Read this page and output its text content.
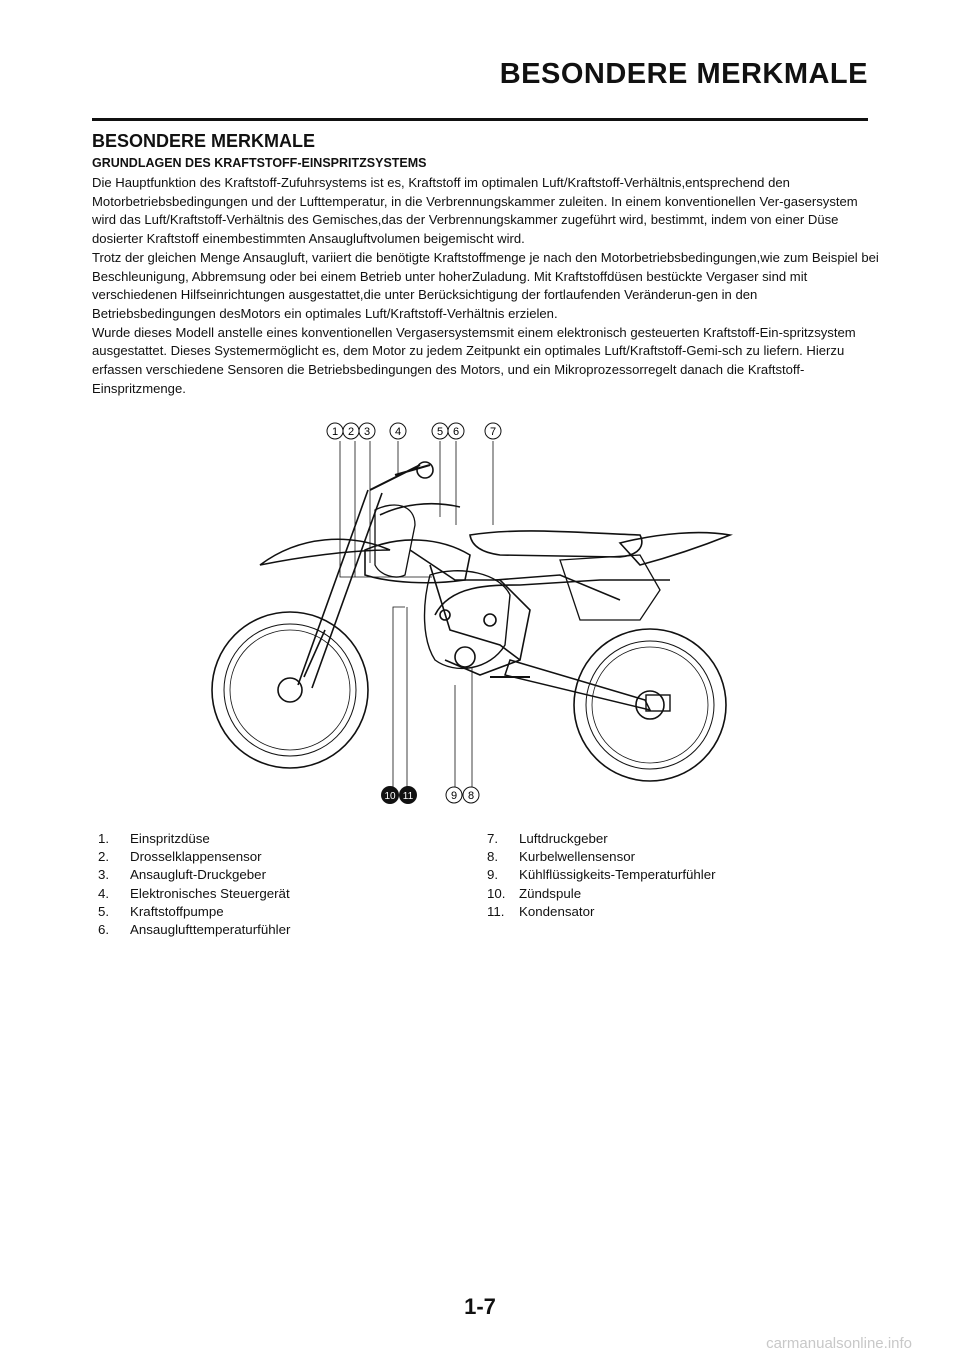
BESONDERE MERKMALE
BESONDERE MERKMALE
GRUNDLAGEN DES KRAFTSTOFF-EINSPRITZSYSTEMS

Die Hauptfunktion des Kraftstoff-Zufuhrsystems ist es, Kraftstoff im optimalen Luft/Kraftstoff-Verhältnis,entsprechend den Motorbetriebsbedingungen und der Lufttemperatur, in die Verbrennungskammer zuleiten. In einem konventionellen Ver-gasersystem wird das Luft/Kraftstoff-Verhältnis des Gemisches,das der Verbrennungskammer zugeführt wird, bestimmt, indem von einer Düse dosierter Kraftstoff einembestimmten Ansaugluftvolumen beigemischt wird.

Trotz der gleichen Menge Ansaugluft, variiert die benötigte Kraftstoffmenge je nach den Motorbetriebsbedingungen,wie zum Beispiel bei Beschleunigung, Abbremsung oder bei einem Betrieb unter hoherZuladung. Mit Kraftstoffdüsen bestückte Vergaser sind mit verschiedenen Hilfseinrichtungen ausgestattet,die unter Berücksichtigung der fortlaufenden Veränderun-gen in den Betriebsbedingungen desMotors ein optimales Luft/Kraftstoff-Verhältnis erzielen.

Wurde dieses Modell anstelle eines konventionellen Vergasersystemsmit einem elektronisch gesteuerten Kraftstoff-Ein-spritzsystem ausgestattet. Dieses Systemermöglicht es, dem Motor zu jedem Zeitpunkt ein optimales Luft/Kraftstoff-Gemi-sch zu liefern. Hierzu erfassen verschiedene Sensoren die Betriebsbedingungen des Motors, und ein Mikroprozessorregelt danach die Kraftstoff-Einspritzmenge.

1 2 3 4	5 6	7
10 11	9 8
1.	Einspritzdüse
2.	Drosselklappensensor
3.	Ansaugluft-Druckgeber
4.	Elektronisches Steuergerät
5.	Kraftstoffpumpe
6.	Ansauglufttemperaturfühler
7.	Luftdruckgeber
8.	Kurbelwellensensor
9.	Kühlflüssigkeits-Temperaturfühler
10.	Zündspule
11.	Kondensator
1-7
carmanualsonline.info
